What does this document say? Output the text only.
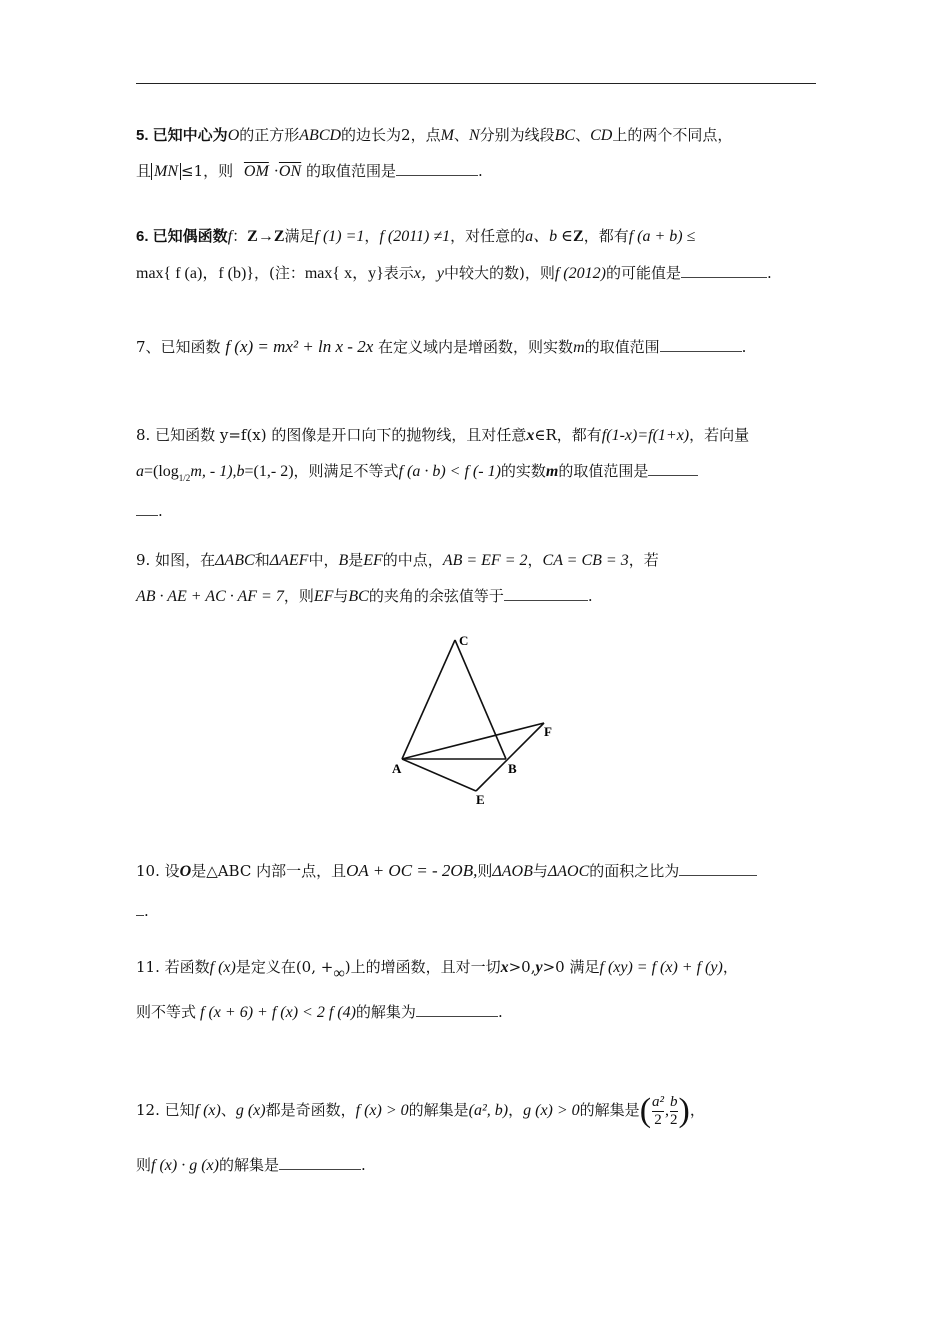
5. 已知中心为O的正方形ABCD的边长为2，点M、N分别为线段BC、CD上的两个不同点，
且 MN ≤1，则 $\overline{OM} \cdot\overline{ON}$ 的取值范围是	.
6. 已知偶函数f：Z→Z满足f (1) =1，f (2011) ≠1，对任意的a、b ∈Z，都有f (a + b) ≤
max{ f (a)，f (b)}，(注：max{ x，y}表示x，y中较大的数)，则f (2012)的可能值是	.
7、已知函数 f (x) = mx² + ln x - 2x 在定义域内是增函数，则实数m的取值范围	.
8. 已知函数 y=f(x) 的图像是开口向下的抛物线，且对任意x∈R，都有f(1-x)=f(1+x)，若向量
$a=(\log_{1/2}m$, - 1),b=(1,- 2)，则满足不等式f (a · b) < f (- 1)的实数m的取值范围是
.
9. 如图，在ΔABC和ΔAEF中，B是EF的中点，AB = EF = 2，CA = CB = 3，若
AB · AE + AC · AF = 7，则EF与BC的夹角的余弦值等于	.
C
F
A	B
E
10. 设O是△ABC 内部一点，且OA + OC = - 2OB,则ΔAOB与ΔAOC的面积之比为
.
11. 若函数f (x)是定义在(0, +∞)上的增函数，且对一切x>0,y>0 满足f (xy) = f (x) + f (y)，
则不等式 f (x + 6) + f (x) < 2 f (4)的解集为	.
12. 已知f (x)、g (x)都是奇函数，f (x) > 0的解集是(a², b)，g (x) > 0的解集是( $\frac{\text{a²}}{2}$ , $\frac{b}{2}$ )，
则f (x) · g (x)的解集是	.
